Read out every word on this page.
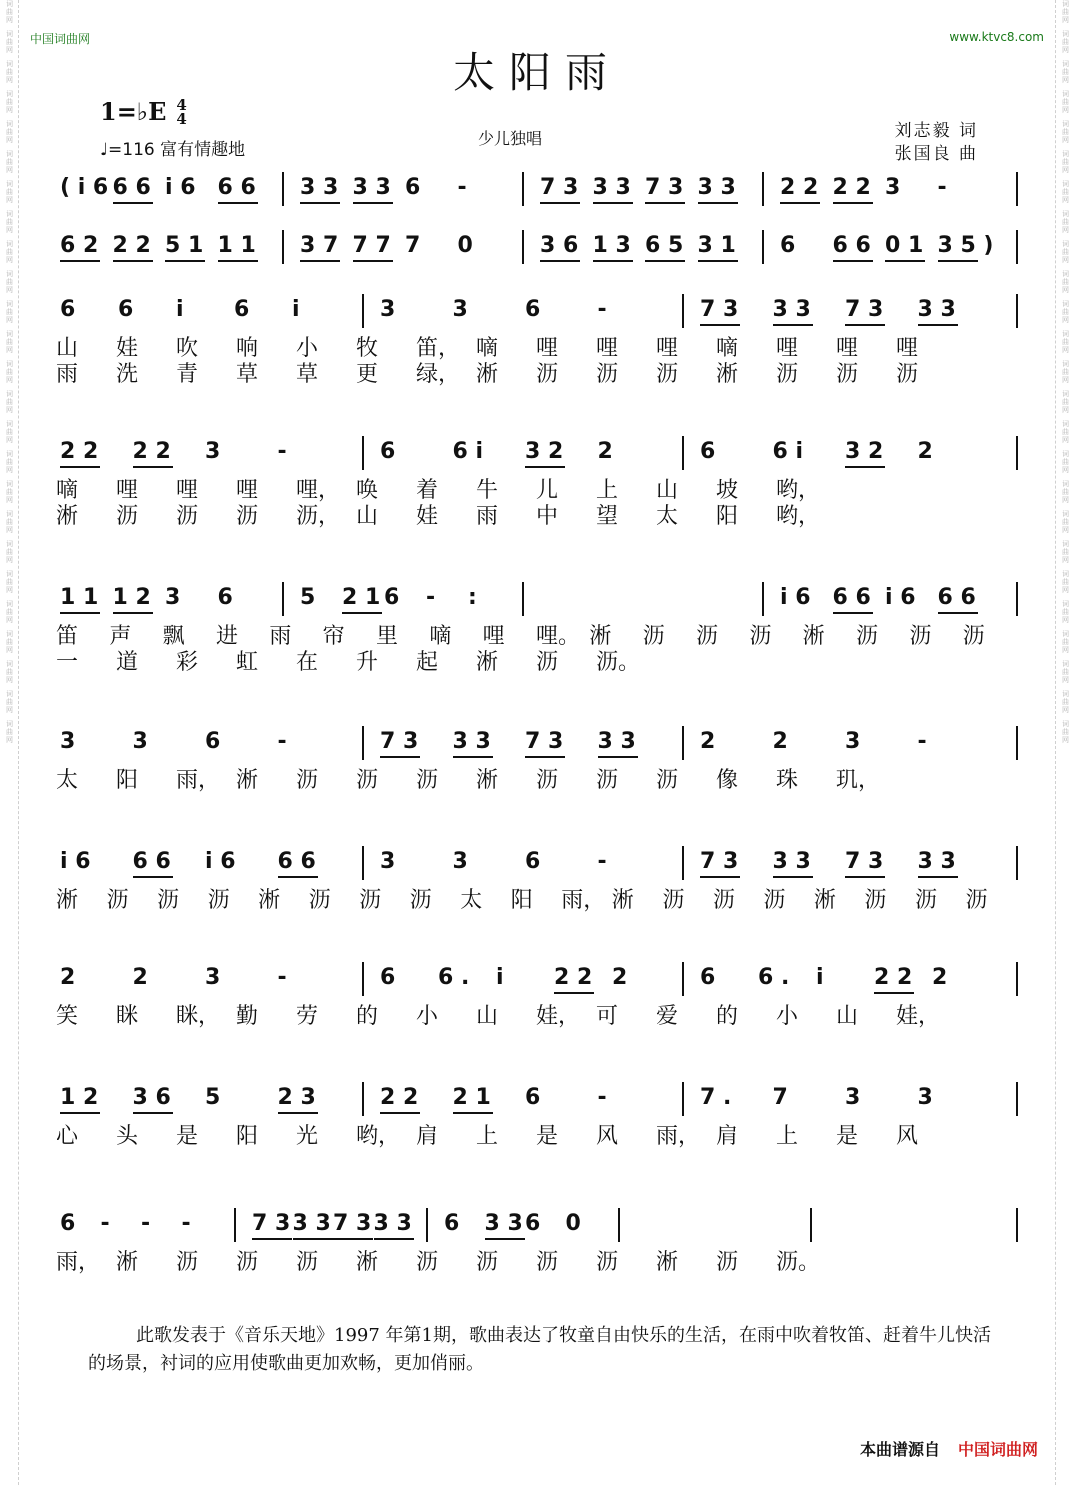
词曲网
词曲网
词曲网
词曲网
词曲网
词曲网
词曲网
词曲网
词曲网
词曲网
词曲网
词曲网
词曲网
词曲网
词曲网
词曲网
词曲网
词曲网
词曲网
词曲网
词曲网
词曲网
词曲网
词曲网
词曲网
词曲网
词曲网
词曲网
词曲网
词曲网
词曲网
词曲网
词曲网
词曲网
词曲网
词曲网
词曲网
词曲网
词曲网
词曲网
词曲网
词曲网
词曲网
词曲网
词曲网
词曲网
词曲网
词曲网
词曲网
词曲网
中国词曲网	www.ktvc8.com
太阳雨
1=♭E 4
4
♩=116 富有情趣地
少儿独唱	刘志毅 词
张国良 曲
( i 6 6 6 i 6 6 6 3 3 3 3 6 -	7 3 3 3 7 3 3 3 2 2 2 2 3 -
6 2 2 2 5 1 1 1 3 7 7 7 7 0	3 6 1 3 6 5 3 1 6 6 6 0 1 3 5 )
6 6 i 6 i	3	3	6	-	7 3 3 3 7 3 3 3
山 娃 吹 响 小 牧 笛， 嘀 哩 哩 哩 嘀 哩 哩 哩
雨 洗 青 草 草 更 绿， 淅 沥 沥 沥 淅 沥 沥 沥
2 2 2 2 3	-	6	6 i 3 2 2	6	6 i 3 2 2
嘀 哩 哩 哩 哩， 唤 着 牛 儿 上 山 坡 哟，
淅 沥 沥 沥 沥， 山 娃 雨 中 望 太 阳 哟，
1 1 1 2 3 6	5 2 1 6 - :	i 6 6 6 i 6 6 6
笛 声 飘 进 雨 帘 里 嘀 哩 哩。 淅 沥 沥 沥 淅 沥 沥 沥
一 道 彩 虹 在 升 起 淅 沥 沥。
3	3	6	-	7 3 3 3 7 3 3 3	2	2	3	-
太 阳 雨， 淅 沥 沥 沥 淅 沥 沥 沥 像 珠 玑，
i 6 6 6 i 6 6 6	3	3	6	-	7 3 3 3 7 3 3 3
淅 沥 沥 沥 淅 沥 沥 沥 太 阳 雨， 淅 沥 沥 沥 淅 沥 沥 沥
2	2	3	-	6 6 . i 2 2 2	6 6 . i 2 2 2
笑 眯 眯， 勤 劳 的 小 山 娃， 可 爱 的 小 山 娃，
1 2 3 6 5	2 3	2 2 2 1 6	-	7 . 7	3	3
心 头 是 阳 光 哟， 肩 上 是 风 雨， 肩 上 是 风
6 - - -	7 3 3 3 7 3 3 3 6 3 3 6 0
雨， 淅 沥 沥 沥 淅 沥 沥 沥 沥 淅 沥 沥。
此歌发表于《音乐天地》1997 年第1期，歌曲表达了牧童自由快乐的生活，在雨中吹着牧笛、赶着牛儿快活的场景，衬词的应用使歌曲更加欢畅，更加俏丽。
本曲谱源自 中国词曲网
